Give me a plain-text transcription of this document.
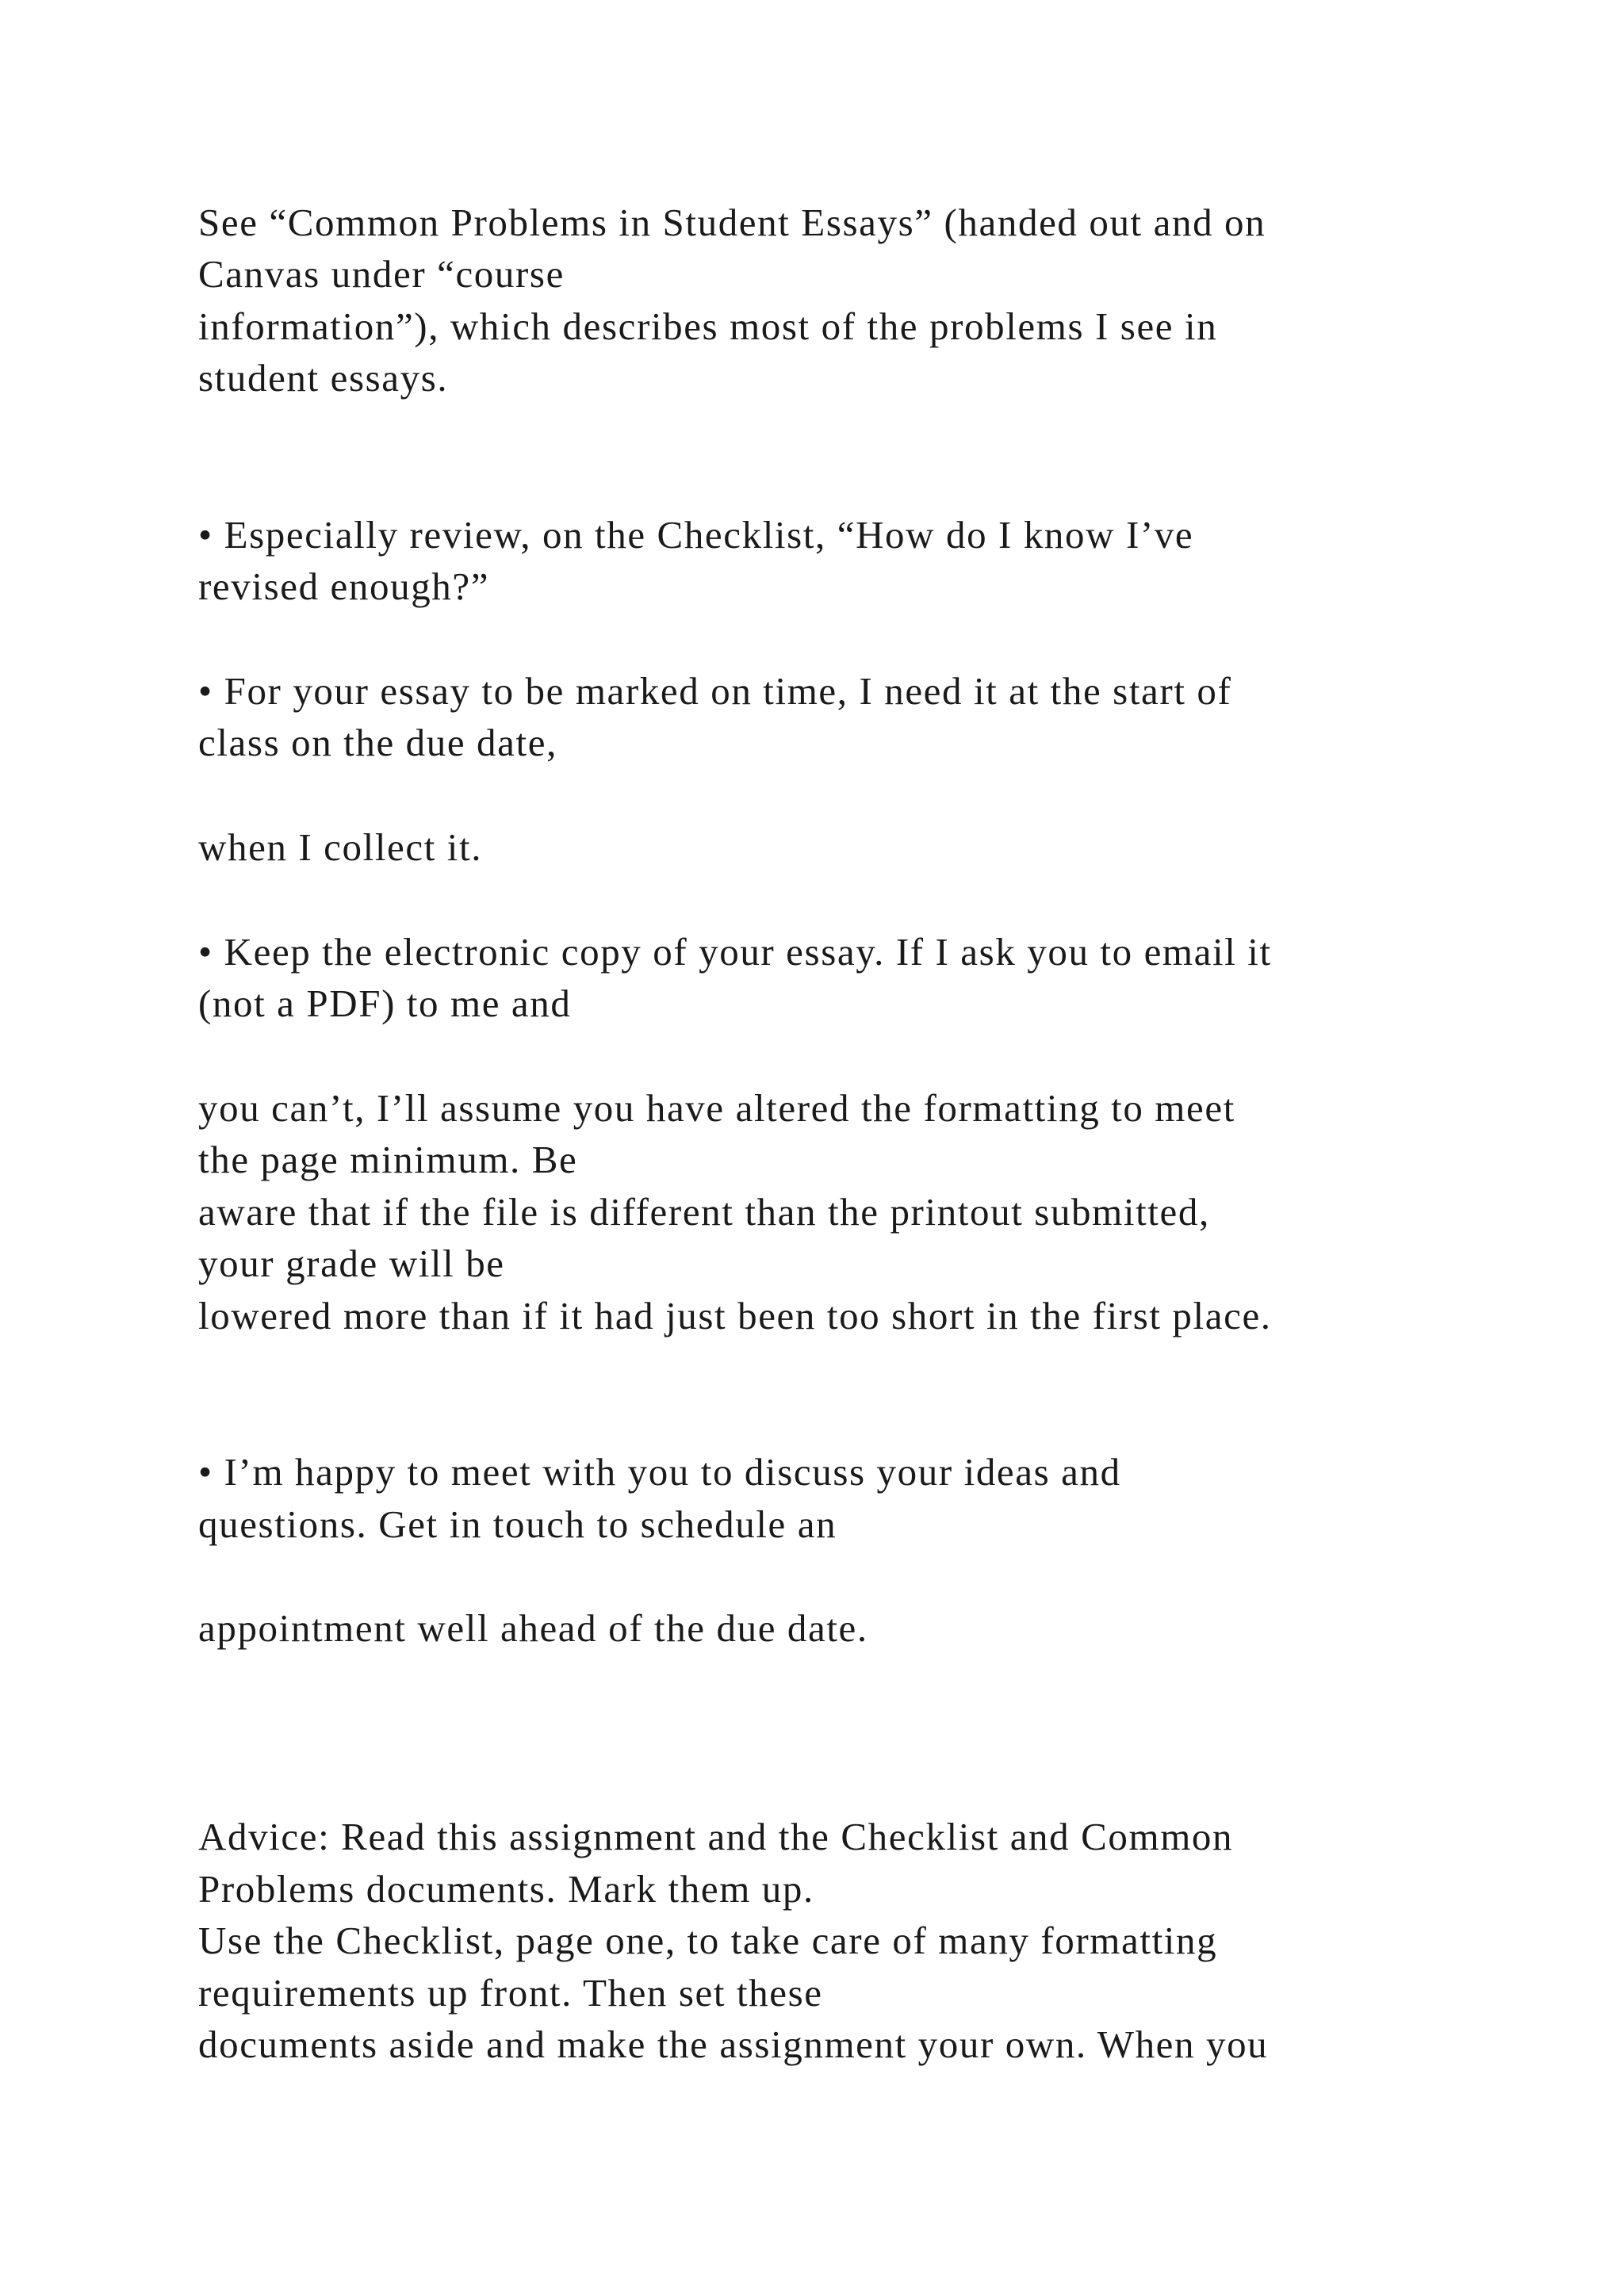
See “Common Problems in Student Essays” (handed out and on

Canvas under “course

information”), which describes most of the problems I see in

student essays.

• Especially review, on the Checklist, “How do I know I’ve

revised enough?”

• For your essay to be marked on time, I need it at the start of

class on the due date,

when I collect it.

• Keep the electronic copy of your essay. If I ask you to email it

(not a PDF) to me and

you can’t, I’ll assume you have altered the formatting to meet

the page minimum. Be

aware that if the file is different than the printout submitted,

your grade will be

lowered more than if it had just been too short in the first place.

• I’m happy to meet with you to discuss your ideas and

questions. Get in touch to schedule an

appointment well ahead of the due date.

Advice: Read this assignment and the Checklist and Common

Problems documents. Mark them up.

Use the Checklist, page one, to take care of many formatting

requirements up front. Then set these

documents aside and make the assignment your own. When you
